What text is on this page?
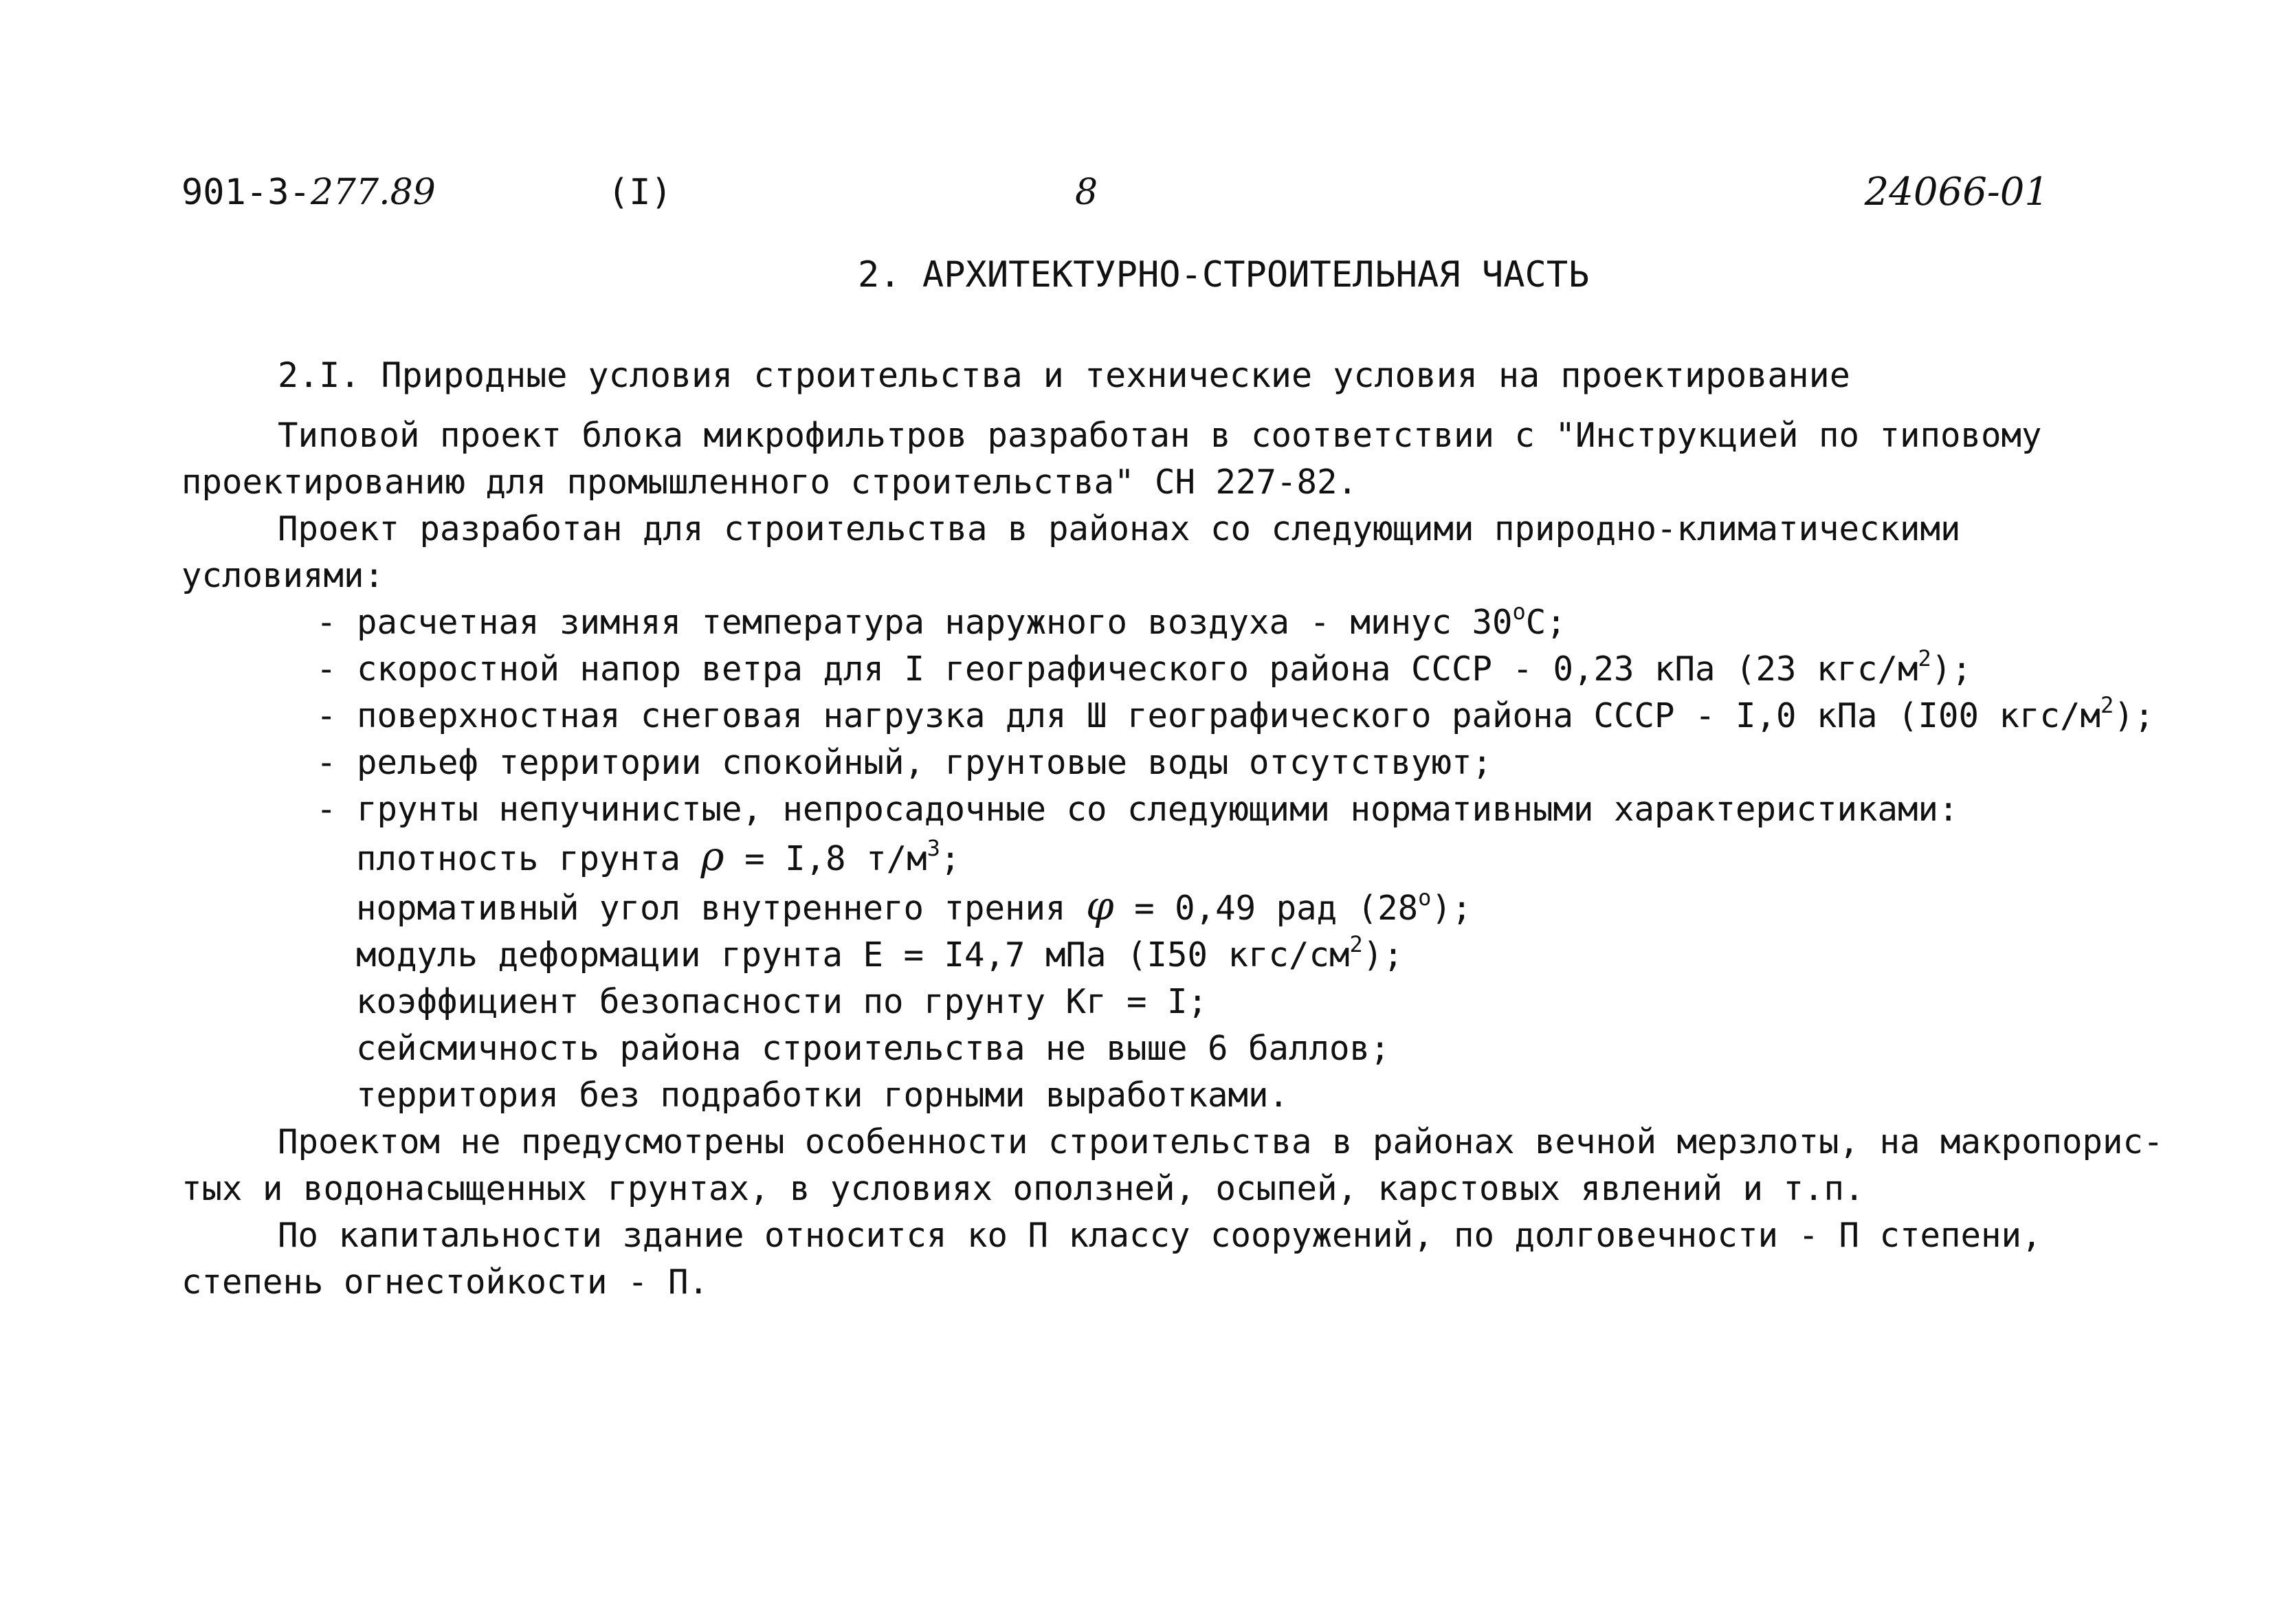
901-3-277.89	(I)	8	24066-01
2. АРХИТЕКТУРНО-СТРОИТЕЛЬНАЯ ЧАСТЬ
2.I. Природные условия строительства и технические условия на проектирование
Типовой проект блока микрофильтров разработан в соответствии с "Инструкцией по типовому
проектированию для промышленного строительства" СН 227-82.
Проект разработан для строительства в районах со следующими природно-климатическими
условиями:
- расчетная зимняя температура наружного воздуха - минус 30$^o$С;
- скоростной напор ветра для I географического района СССР - 0,23 кПа (23 кгс/$м^2$);
- поверхностная снеговая нагрузка для Ш географического района СССР - I,0 кПа (I00 кгс/$м^2$);
- рельеф территории спокойный, грунтовые воды отсутствуют;
- грунты непучинистые, непросадочные со следующими нормативными характеристиками:
плотность грунта ρ = I,8 $т/м^3$;
нормативный угол внутреннего трения φ = 0,49 рад (28$^o$);
модуль деформации грунта Е = I4,7 мПа (I50 кгс/$см^2$);
коэффициент безопасности по грунту Кг = I;
сейсмичность района строительства не выше 6 баллов;
территория без подработки горными выработками.
Проектом не предусмотрены особенности строительства в районах вечной мерзлоты, на макропорис-
тых и водонасыщенных грунтах, в условиях оползней, осыпей, карстовых явлений и т.п.
По капитальности здание относится ко П классу сооружений, по долговечности - П степени,
степень огнестойкости - П.
